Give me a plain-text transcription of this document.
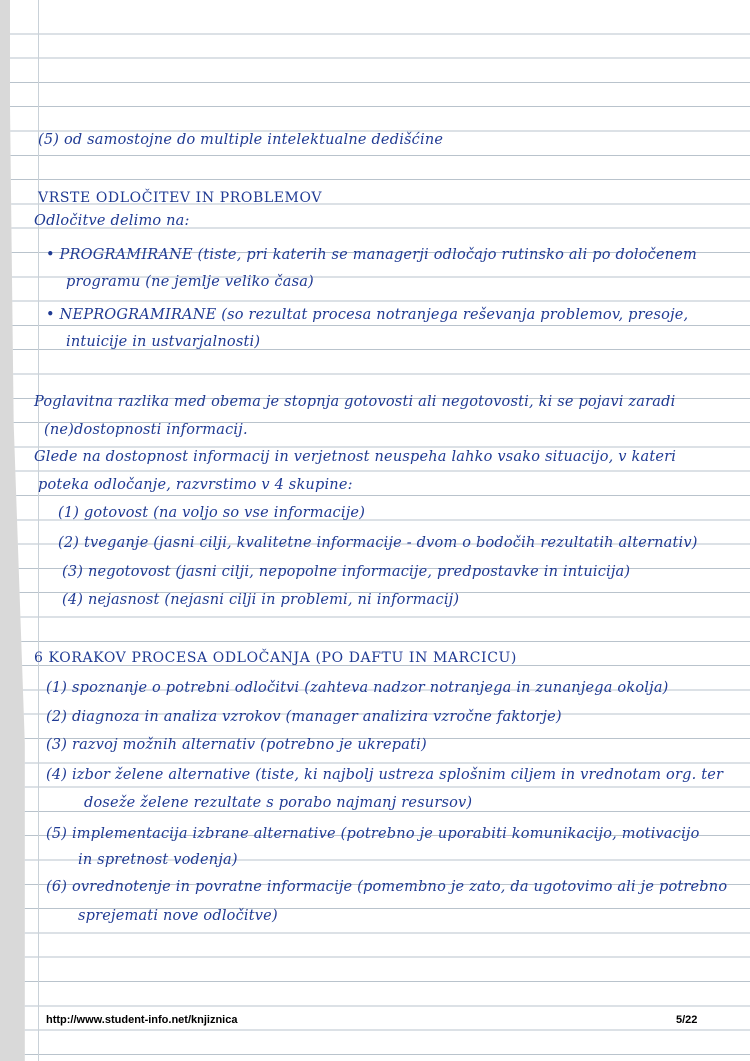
(5) od samostojne do multiple intelektualne dedišćine
VRSTE ODLOČITEV IN PROBLEMOV
Odločitve delimo na:
• PROGRAMIRANE (tiste, pri katerih se managerji odločajo rutinsko ali po določenem
programu (ne jemlje veliko časa)
• NEPROGRAMIRANE (so rezultat procesa notranjega reševanja problemov, presoje,
intuicije in ustvarjalnosti)
Poglavitna razlika med obema je stopnja gotovosti ali negotovosti, ki se pojavi zaradi
(ne)dostopnosti informacij.
Glede na dostopnost informacij in verjetnost neuspeha lahko vsako situacijo, v kateri
poteka odločanje, razvrstimo v 4 skupine:
(1) gotovost (na voljo so vse informacije)
(2) tveganje (jasni cilji, kvalitetne informacije - dvom o bodočih rezultatih alternativ)
(3) negotovost (jasni cilji, nepopolne informacije, predpostavke in intuicija)
(4) nejasnost (nejasni cilji in problemi, ni informacij)
6 KORAKOV PROCESA ODLOČANJA (PO DAFTU IN MARCICU)
(1) spoznanje o potrebni odločitvi (zahteva nadzor notranjega in zunanjega okolja)
(2) diagnoza in analiza vzrokov (manager analizira vzročne faktorje)
(3) razvoj možnih alternativ (potrebno je ukrepati)
(4) izbor želene alternative (tiste, ki najbolj ustreza splošnim ciljem in vrednotam org. ter
doseže želene rezultate s porabo najmanj resursov)
(5) implementacija izbrane alternative (potrebno je uporabiti komunikacijo, motivacijo
in spretnost vodenja)
(6) ovrednotenje in povratne informacije (pomembno je zato, da ugotovimo ali je potrebno
sprejemati nove odločitve)
http://www.student-info.net/knjiznica	5/22
